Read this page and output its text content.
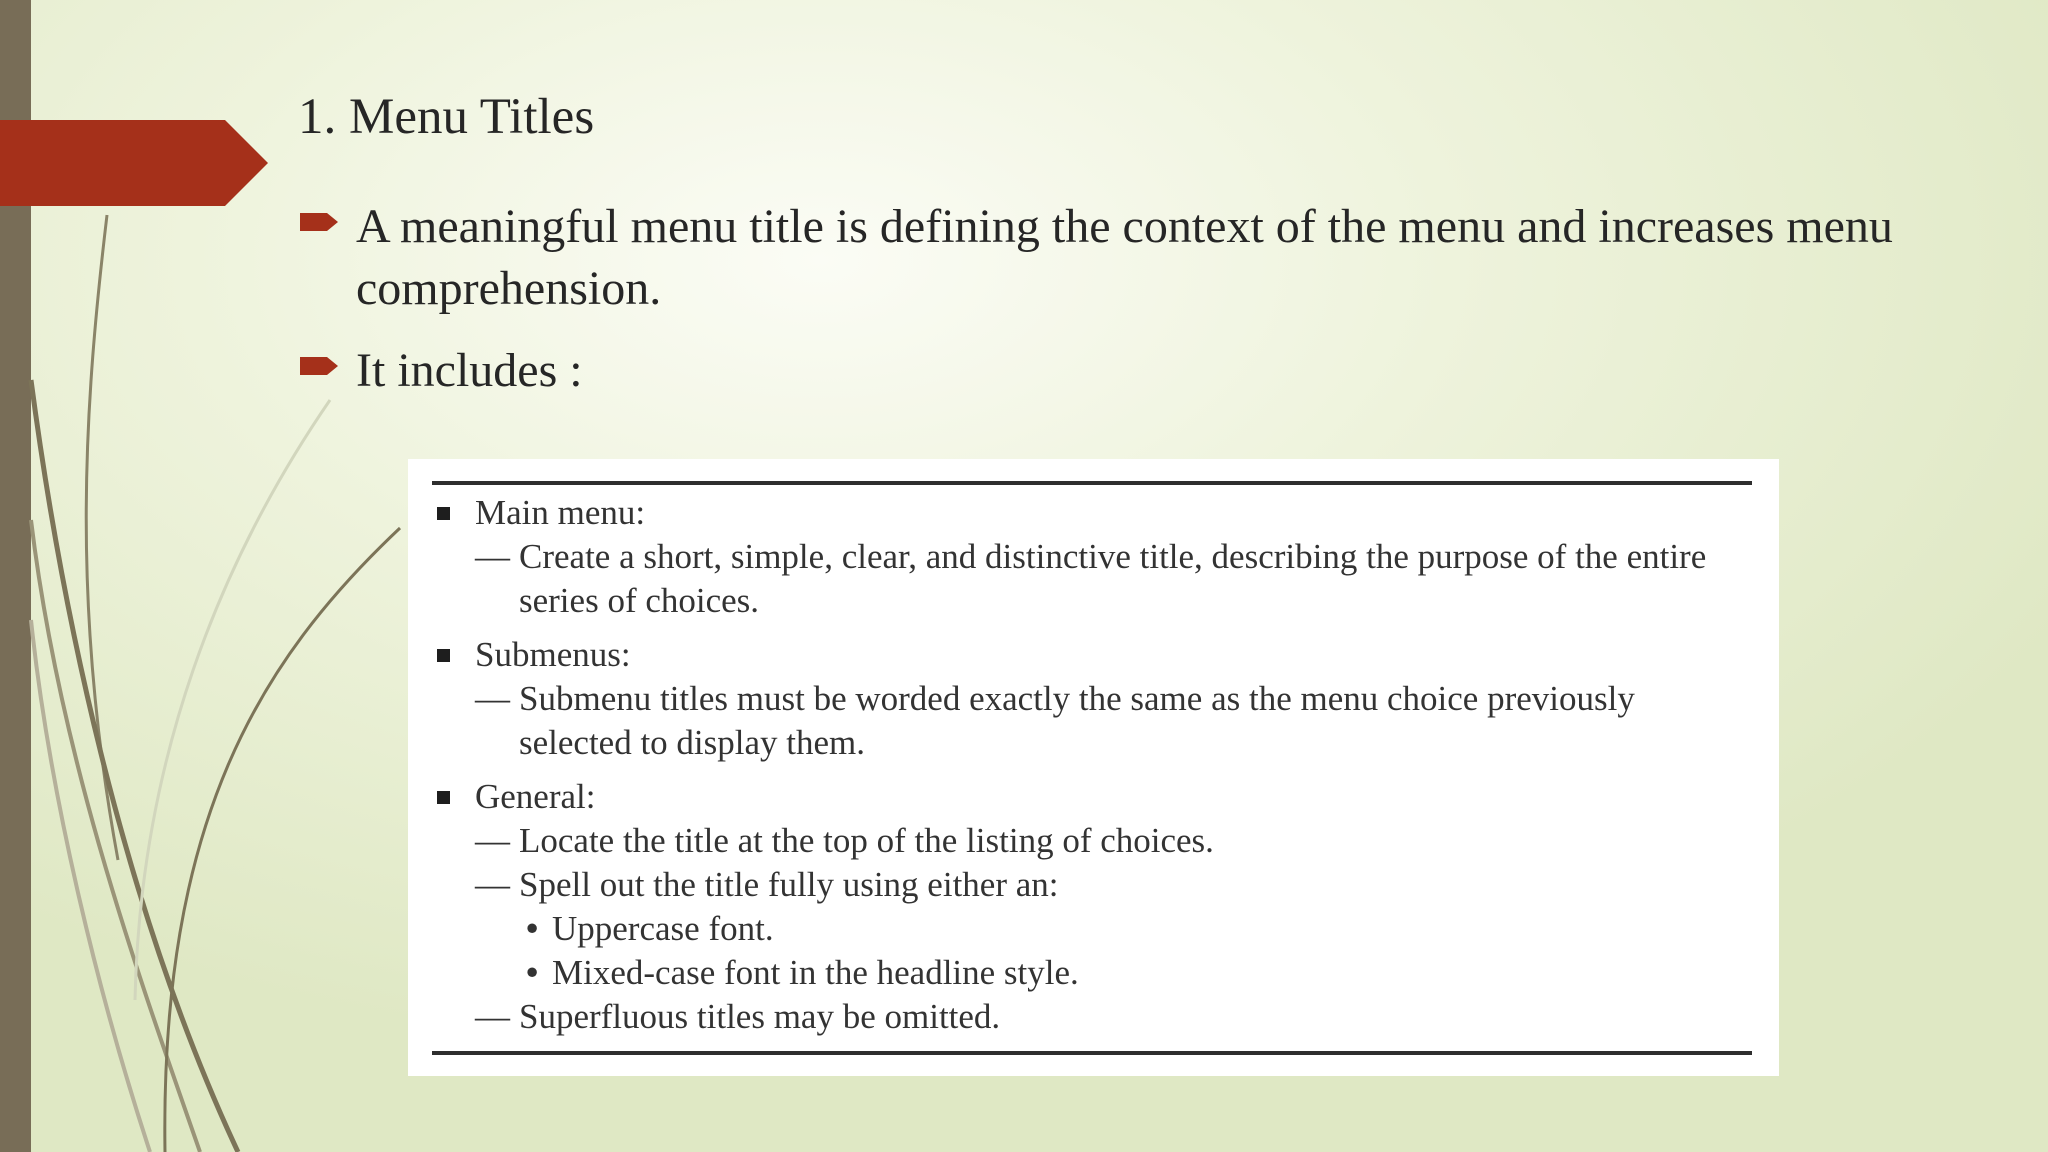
1. Menu Titles
A meaningful menu title is defining the context of the menu and increases menu comprehension.
It includes :
Main menu:
— Create a short, simple, clear, and distinctive title, describing the purpose of the entire series of choices.
Submenus:
— Submenu titles must be worded exactly the same as the menu choice previously selected to display them.
General:
— Locate the title at the top of the listing of choices.
— Spell out the title fully using either an:
• Uppercase font.
• Mixed-case font in the headline style.
— Superfluous titles may be omitted.
